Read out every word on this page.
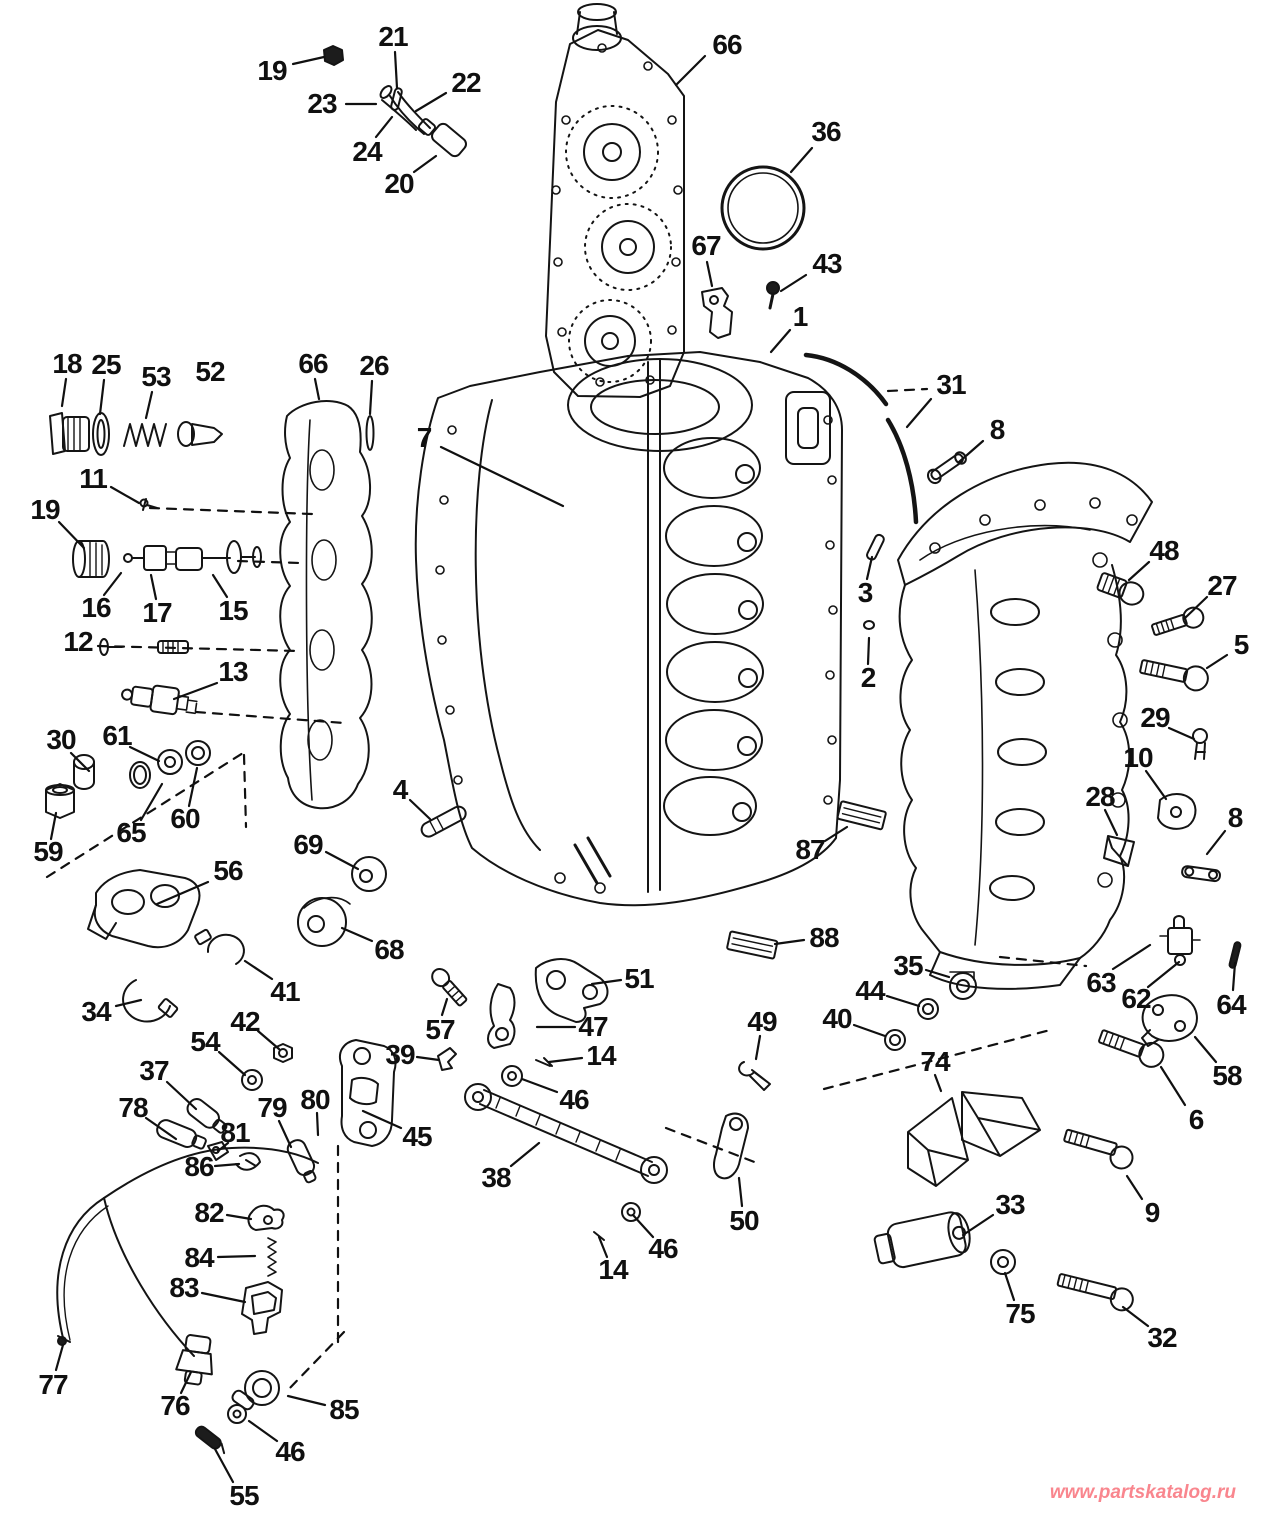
19
21
22
23
24
20
66
36
67
43
1
31
8
18 25 53 52	66 26
7
11
19
16 17 15
12
13
30 61
65 60
59
56
69
68
4
3
2
87
88
48
27
5
29
10
28
8
34
41
42
54
37
78	79 80
81
86
39
57
51
47
14
46
45
38
35
44
40
49
74
63
62 64
58
6
9
50
46
14
82
84
83
33
75
32
77
76	85
46
55	www.partskatalog.ru
